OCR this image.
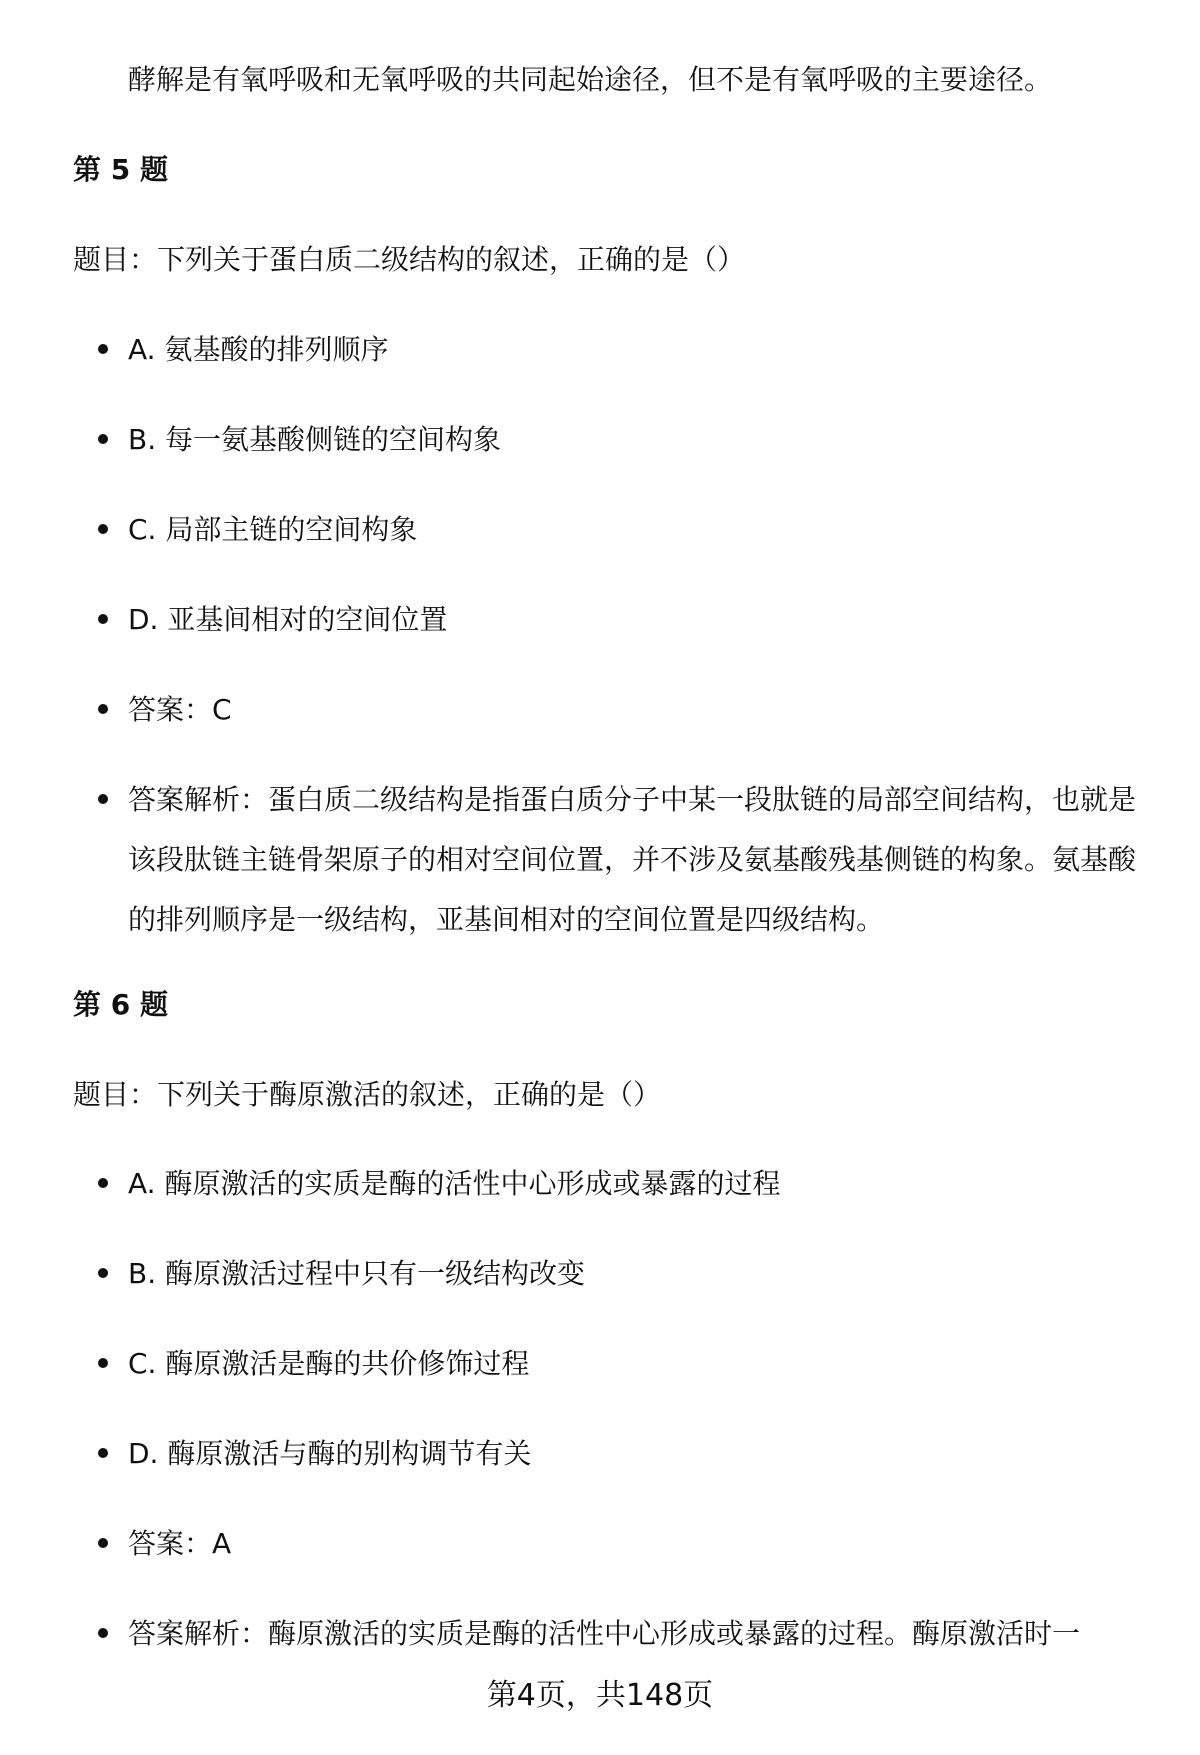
酵解是有氧呼吸和无氧呼吸的共同起始途径，但不是有氧呼吸的主要途径。
第 5 题
题目：下列关于蛋白质二级结构的叙述，正确的是（）
A. 氨基酸的排列顺序
B. 每一氨基酸侧链的空间构象
C. 局部主链的空间构象
D. 亚基间相对的空间位置
答案：C
答案解析：蛋白质二级结构是指蛋白质分子中某一段肽链的局部空间结构，也就是该段肽链主链骨架原子的相对空间位置，并不涉及氨基酸残基侧链的构象。氨基酸的排列顺序是一级结构，亚基间相对的空间位置是四级结构。
第 6 题
题目：下列关于酶原激活的叙述，正确的是（）
A. 酶原激活的实质是酶的活性中心形成或暴露的过程
B. 酶原激活过程中只有一级结构改变
C. 酶原激活是酶的共价修饰过程
D. 酶原激活与酶的别构调节有关
答案：A
答案解析：酶原激活的实质是酶的活性中心形成或暴露的过程。酶原激活时一
第4页，共148页
